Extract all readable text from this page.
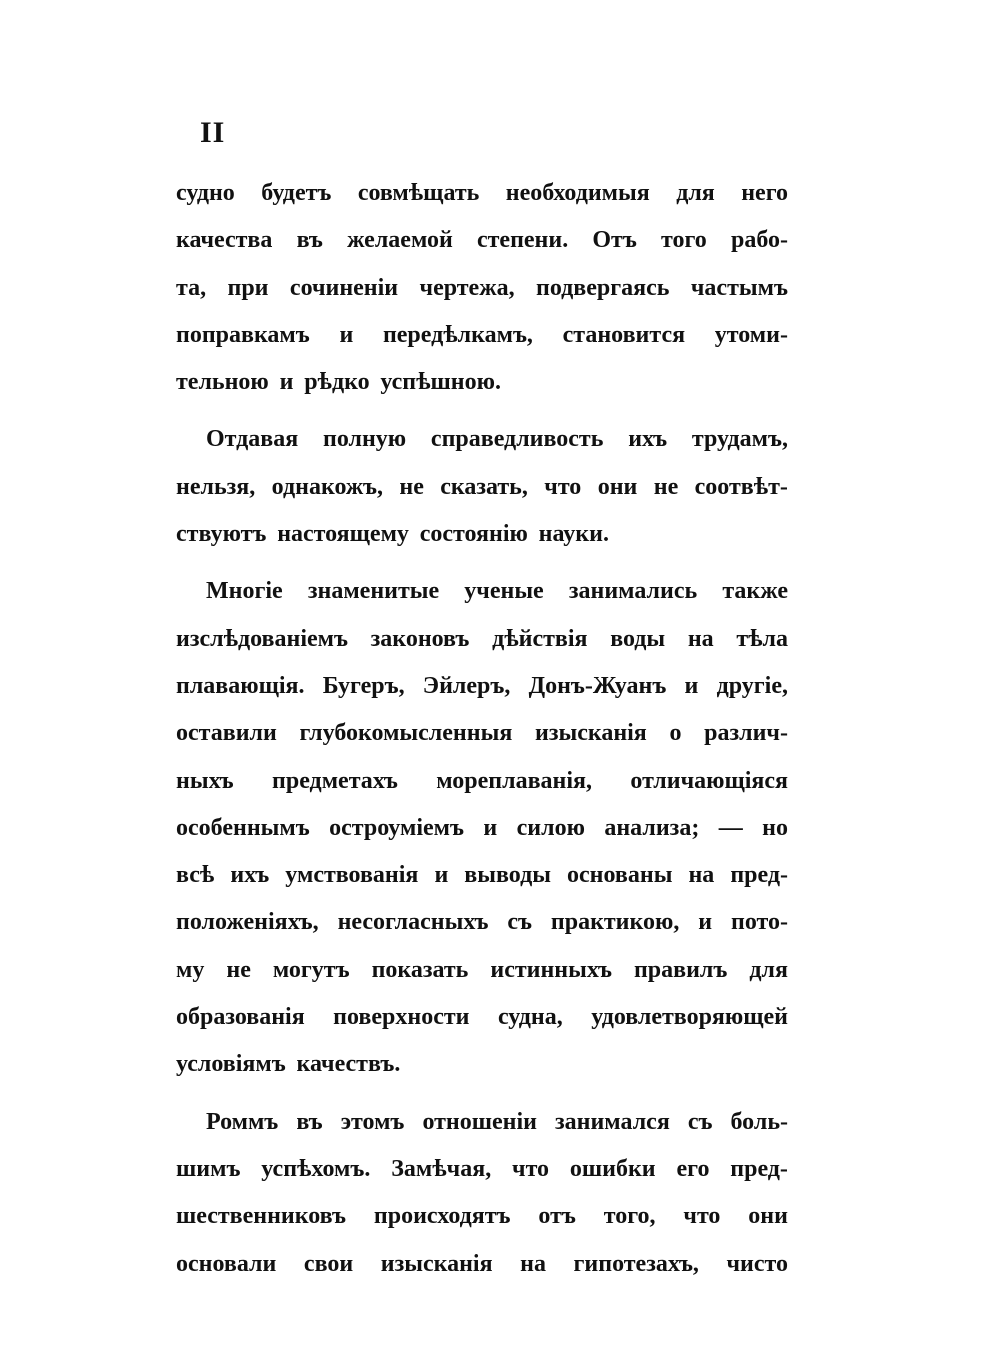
II
судно будетъ совмѣщать необходимыя для него
качества въ желаемой степени. Отъ того рабо-
та, при сочиненіи чертежа, подвергаясь частымъ
поправкамъ и передѣлкамъ, становится утоми-
тельною и рѣдко успѣшною.
Отдавая полную справедливость ихъ трудамъ,
нельзя, однакожъ, не сказать, что они не соотвѣт-
ствуютъ настоящему состоянію науки.
Многіе знаменитые ученые занимались также
изслѣдованіемъ законовъ дѣйствія воды на тѣла
плавающія. Бугеръ, Эйлеръ, Донъ-Жуанъ и другіе,
оставили глубокомысленныя изысканія о различ-
ныхъ предметахъ мореплаванія, отличающіяся
особеннымъ остроуміемъ и силою анализа; — но
всѣ ихъ умствованія и выводы основаны на пред-
положеніяхъ, несогласныхъ съ практикою, и пото-
му не могутъ показать истинныхъ правилъ для
образованія поверхности судна, удовлетворяющей
условіямъ качествъ.
Роммъ въ этомъ отношеніи занимался съ боль-
шимъ успѣхомъ. Замѣчая, что ошибки его пред-
шественниковъ происходятъ отъ того, что они
основали свои изысканія на гипотезахъ, чисто
